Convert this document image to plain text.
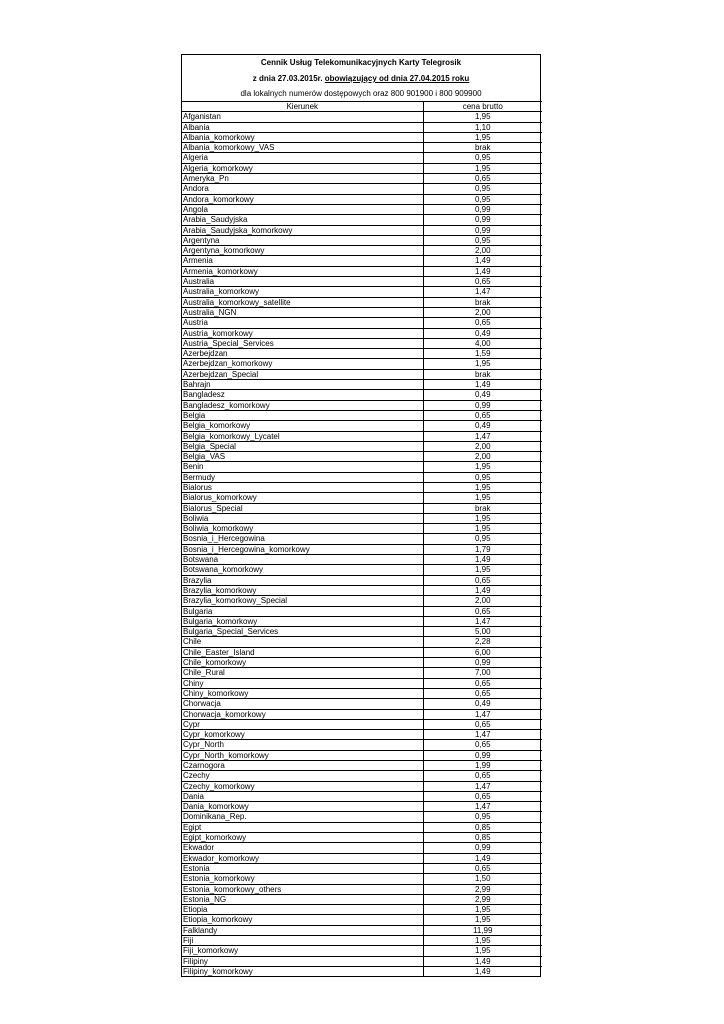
Cennik Usług Telekomunikacyjnych Karty Telegrosik
z dnia 27.03.2015r. obowiązujący od dnia 27.04.2015 roku
dla lokalnych numerów dostępowych oraz 800 901900 i 800 909900
Kierunek	cena brutto
Afganistan	1,95
Albania	1,10
Albania_komorkowy	1,95
Albania_komorkowy_VAS	brak
Algeria	0,95
Algeria_komorkowy	1,95
Ameryka_Pn	0,65
Andora	0,95
Andora_komorkowy	0,95
Angola	0,99
Arabia_Saudyjska	0,99
Arabia_Saudyjska_komorkowy	0,99
Argentyna	0,95
Argentyna_komorkowy	2,00
Armenia	1,49
Armenia_komorkowy	1,49
Australia	0,65
Australia_komorkowy	1,47
Australia_komorkowy_satellite	brak
Australia_NGN	2,00
Austria	0,65
Austria_komorkowy	0,49
Austria_Special_Services	4,00
Azerbejdzan	1,59
Azerbejdzan_komorkowy	1,95
Azerbejdzan_Special	brak
Bahrajn	1,49
Bangladesz	0,49
Bangladesz_komorkowy	0,99
Belgia	0,65
Belgia_komorkowy	0,49
Belgia_komorkowy_Lycatel	1,47
Belgia_Special	2,00
Belgia_VAS	2,00
Benin	1,95
Bermudy	0,95
Bialorus	1,95
Bialorus_komorkowy	1,95
Bialorus_Special	brak
Boliwia	1,95
Boliwia_komorkowy	1,95
Bosnia_i_Hercegowina	0,95
Bosnia_i_Hercegowina_komorkowy	1,79
Botswana	1,49
Botswana_komorkowy	1,95
Brazylia	0,65
Brazylia_komorkowy	1,49
Brazylia_komorkowy_Special	2,00
Bulgaria	0,65
Bulgaria_komorkowy	1,47
Bulgaria_Special_Services	5,00
Chile	2,28
Chile_Easter_Island	6,00
Chile_komorkowy	0,99
Chile_Rural	7,00
Chiny	0,65
Chiny_komorkowy	0,65
Chorwacja	0,49
Chorwacja_komorkowy	1,47
Cypr	0,65
Cypr_komorkowy	1,47
Cypr_North	0,65
Cypr_North_komorkowy	0,99
Czarnogora	1,99
Czechy	0,65
Czechy_komorkowy	1,47
Dania	0,65
Dania_komorkowy	1,47
Dominikana_Rep.	0,95
Egipt	0,85
Egipt_komorkowy	0,85
Ekwador	0,99
Ekwador_komorkowy	1,49
Estonia	0,65
Estonia_komorkowy	1,50
Estonia_komorkowy_others	2,99
Estonia_NG	2,99
Etiopia	1,95
Etiopia_komorkowy	1,95
Falklandy	11,99
Fiji	1,95
Fiji_komorkowy	1,95
Filipiny	1,49
Filipiny_komorkowy	1,49
